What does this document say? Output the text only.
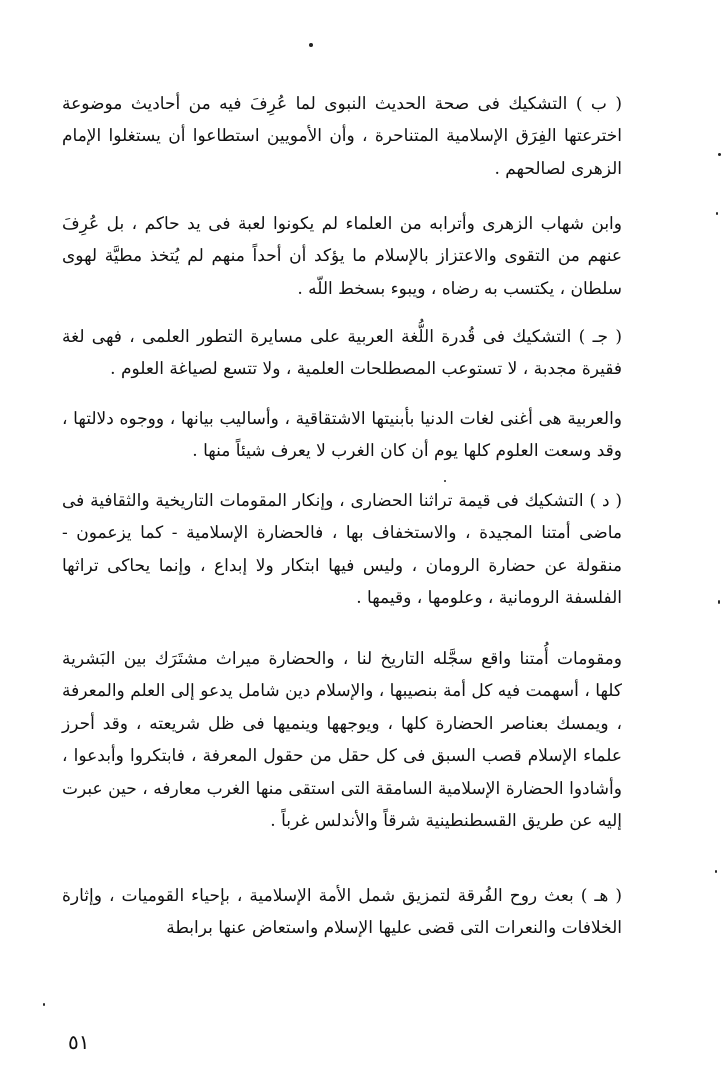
( ب ) التشكيك فى صحة الحديث النبوى لما عُرِفَ فيه من أحاديث موضوعة اخترعتها الفِرَق الإسلامية المتناحرة ، وأن الأمويين استطاعوا أن يستغلوا الإمام الزهرى لصالحهم .

وابن شهاب الزهرى وأترابه من العلماء لم يكونوا لعبة فى يد حاكم ، بل عُرِفَ عنهم من التقوى والاعتزاز بالإسلام ما يؤكد أن أحداً منهم لم يُتخذ مطيَّة لهوى سلطان ، يكتسب به رضاه ، ويبوء بسخط اللّه .

( جـ ) التشكيك فى قُدرة اللُّغة العربية على مسايرة التطور العلمى ، فهى لغة فقيرة مجدبة ، لا تستوعب المصطلحات العلمية ، ولا تتسع لصياغة العلوم .

والعربية هى أغنى لغات الدنيا بأبنيتها الاشتقاقية ، وأساليب بيانها ، ووجوه دلالتها ، وقد وسعت العلوم كلها يوم أن كان الغرب لا يعرف شيئاً منها .

( د ) التشكيك فى قيمة تراثنا الحضارى ، وإنكار المقومات التاريخية والثقافية فى ماضى أمتنا المجيدة ، والاستخفاف بها ، فالحضارة الإسلامية - كما يزعمون - منقولة عن حضارة الرومان ، وليس فيها ابتكار ولا إبداع ، وإنما يحاكى تراثها الفلسفة الرومانية ، وعلومها ، وقيمها .

ومقومات أُمتنا واقع سجَّله التاريخ لنا ، والحضارة ميراث مشتَرَك بين البَشرية كلها ، أسهمت فيه كل أمة بنصيبها ، والإسلام دين شامل يدعو إلى العلم والمعرفة ، ويمسك بعناصر الحضارة كلها ، ويوجهها وينميها فى ظل شريعته ، وقد أحرز علماء الإسلام قصب السبق فى كل حقل من حقول المعرفة ، فابتكروا وأبدعوا ، وأشادوا الحضارة الإسلامية السامقة التى استقى منها الغرب معارفه ، حين عبرت إليه عن طريق القسطنطينية شرقاً والأندلس غرباً .

( هـ ) بعث روح الفُرقة لتمزيق شمل الأمة الإسلامية ، بإحياء القوميات ، وإثارة الخلافات والنعرات التى قضى عليها الإسلام واستعاض عنها برابطة

٥١
